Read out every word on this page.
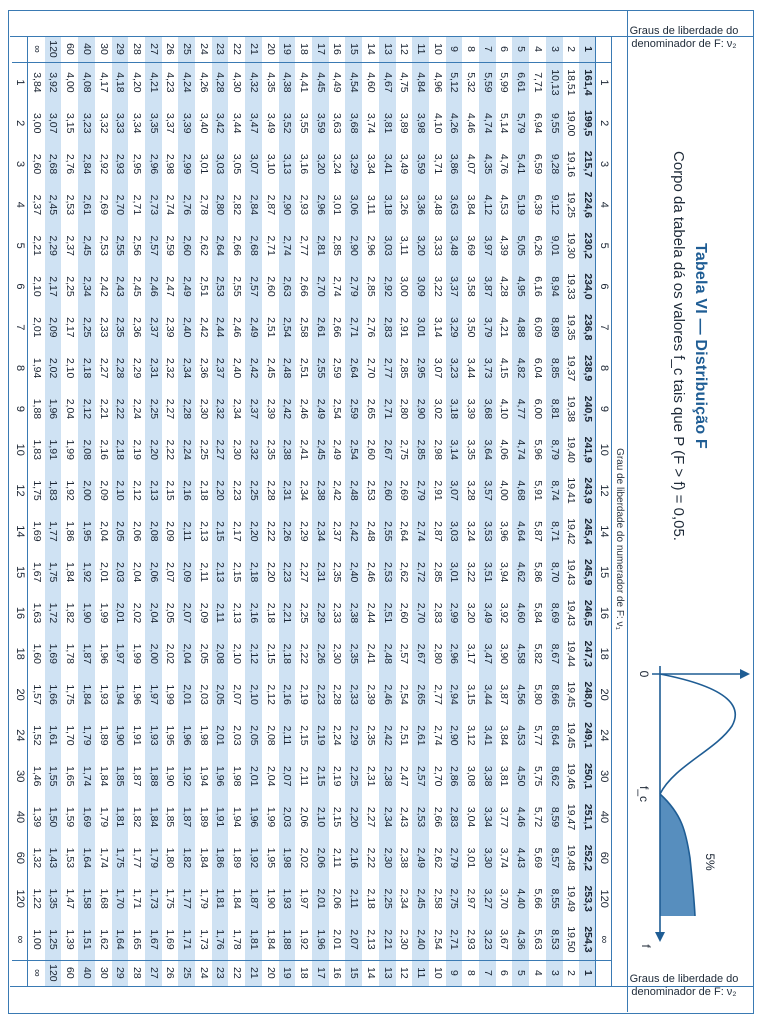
Graus de liberdade do
denominador de F: ν₂
Graus de liberdade do
denominador de F: ν₂
Tabela VI — Distribuição F
Corpo da tabela dá os valores f_c tais que P (F > f) = 0,05.
0
f_c
f
5%
Grau de liberdade do numerador de F: ν₁
1
2
3
4
5
6
7
8
9
10
12
14
15
16
18
20
24
30
40
60
120
∞
1
161,4
199,5
215,7
224,6
230,2
234,0
236,8
238,9
240,5
241,9
243,9
245,4
245,9
246,5
247,3
248,0
249,1
250,1
251,1
252,2
253,3
254,3
1
2
18,51
19,00
19,16
19,25
19,30
19,33
19,35
19,37
19,38
19,40
19,41
19,42
19,43
19,43
19,44
19,45
19,45
19,46
19,47
19,48
19,49
19,50
2
3
10,13
9,55
9,28
9,12
9,01
8,94
8,89
8,85
8,81
8,79
8,74
8,71
8,70
8,69
8,67
8,66
8,64
8,62
8,59
8,57
8,55
8,53
3
4
7,71
6,94
6,59
6,39
6,26
6,16
6,09
6,04
6,00
5,96
5,91
5,87
5,86
5,84
5,82
5,80
5,77
5,75
5,72
5,69
5,66
5,63
4
5
6,61
5,79
5,41
5,19
5,05
4,95
4,88
4,82
4,77
4,74
4,68
4,64
4,62
4,60
4,58
4,56
4,53
4,50
4,46
4,43
4,40
4,36
5
6
5,99
5,14
4,76
4,53
4,39
4,28
4,21
4,15
4,10
4,06
4,00
3,96
3,94
3,92
3,90
3,87
3,84
3,81
3,77
3,74
3,70
3,67
6
7
5,59
4,74
4,35
4,12
3,97
3,87
3,79
3,73
3,68
3,64
3,57
3,53
3,51
3,49
3,47
3,44
3,41
3,38
3,34
3,30
3,27
3,23
7
8
5,32
4,46
4,07
3,84
3,69
3,58
3,50
3,44
3,39
3,35
3,28
3,24
3,22
3,20
3,17
3,15
3,12
3,08
3,04
3,01
2,97
2,93
8
9
5,12
4,26
3,86
3,63
3,48
3,37
3,29
3,23
3,18
3,14
3,07
3,03
3,01
2,99
2,96
2,94
2,90
2,86
2,83
2,79
2,75
2,71
9
10
4,96
4,10
3,71
3,48
3,33
3,22
3,14
3,07
3,02
2,98
2,91
2,87
2,85
2,83
2,80
2,77
2,74
2,70
2,66
2,62
2,58
2,54
10
11
4,84
3,98
3,59
3,36
3,20
3,09
3,01
2,95
2,90
2,85
2,79
2,74
2,72
2,70
2,67
2,65
2,61
2,57
2,53
2,49
2,45
2,40
11
12
4,75
3,89
3,49
3,26
3,11
3,00
2,91
2,85
2,80
2,75
2,69
2,64
2,62
2,60
2,57
2,54
2,51
2,47
2,43
2,38
2,34
2,30
12
13
4,67
3,81
3,41
3,18
3,03
2,92
2,83
2,77
2,71
2,67
2,60
2,55
2,53
2,51
2,48
2,46
2,42
2,38
2,34
2,30
2,25
2,21
13
14
4,60
3,74
3,34
3,11
2,96
2,85
2,76
2,70
2,65
2,60
2,53
2,48
2,46
2,44
2,41
2,39
2,35
2,31
2,27
2,22
2,18
2,13
14
15
4,54
3,68
3,29
3,06
2,90
2,79
2,71
2,64
2,59
2,54
2,48
2,42
2,40
2,38
2,35
2,33
2,29
2,25
2,20
2,16
2,11
2,07
15
16
4,49
3,63
3,24
3,01
2,85
2,74
2,66
2,59
2,54
2,49
2,42
2,37
2,35
2,33
2,30
2,28
2,24
2,19
2,15
2,11
2,06
2,01
16
17
4,45
3,59
3,20
2,96
2,81
2,70
2,61
2,55
2,49
2,45
2,38
2,34
2,31
2,29
2,26
2,23
2,19
2,15
2,10
2,06
2,01
1,96
17
18
4,41
3,55
3,16
2,93
2,77
2,66
2,58
2,51
2,46
2,41
2,34
2,29
2,27
2,25
2,22
2,19
2,15
2,11
2,06
2,02
1,97
1,92
18
19
4,38
3,52
3,13
2,90
2,74
2,63
2,54
2,48
2,42
2,38
2,31
2,26
2,23
2,21
2,18
2,16
2,11
2,07
2,03
1,98
1,93
1,88
19
20
4,35
3,49
3,10
2,87
2,71
2,60
2,51
2,45
2,39
2,35
2,28
2,22
2,20
2,18
2,15
2,12
2,08
2,04
1,99
1,95
1,90
1,84
20
21
4,32
3,47
3,07
2,84
2,68
2,57
2,49
2,42
2,37
2,32
2,25
2,20
2,18
2,16
2,12
2,10
2,05
2,01
1,96
1,92
1,87
1,81
21
22
4,30
3,44
3,05
2,82
2,66
2,55
2,46
2,40
2,34
2,30
2,23
2,17
2,15
2,13
2,10
2,07
2,03
1,98
1,94
1,89
1,84
1,78
22
23
4,28
3,42
3,03
2,80
2,64
2,53
2,44
2,37
2,32
2,27
2,20
2,15
2,13
2,11
2,08
2,05
2,01
1,96
1,91
1,86
1,81
1,76
23
24
4,26
3,40
3,01
2,78
2,62
2,51
2,42
2,36
2,30
2,25
2,18
2,13
2,11
2,09
2,05
2,03
1,98
1,94
1,89
1,84
1,79
1,73
24
25
4,24
3,39
2,99
2,76
2,60
2,49
2,40
2,34
2,28
2,24
2,16
2,11
2,09
2,07
2,04
2,01
1,96
1,92
1,87
1,82
1,77
1,71
25
26
4,23
3,37
2,98
2,74
2,59
2,47
2,39
2,32
2,27
2,22
2,15
2,09
2,07
2,05
2,02
1,99
1,95
1,90
1,85
1,80
1,75
1,69
26
27
4,21
3,35
2,96
2,73
2,57
2,46
2,37
2,31
2,25
2,20
2,13
2,08
2,06
2,04
2,00
1,97
1,93
1,88
1,84
1,79
1,73
1,67
27
28
4,20
3,34
2,95
2,71
2,56
2,45
2,36
2,29
2,24
2,19
2,12
2,06
2,04
2,02
1,99
1,96
1,91
1,87
1,82
1,77
1,71
1,65
28
29
4,18
3,33
2,93
2,70
2,55
2,43
2,35
2,28
2,22
2,18
2,10
2,05
2,03
2,01
1,97
1,94
1,90
1,85
1,81
1,75
1,70
1,64
29
30
4,17
3,32
2,92
2,69
2,53
2,42
2,33
2,27
2,21
2,16
2,09
2,04
2,01
1,99
1,96
1,93
1,89
1,84
1,79
1,74
1,68
1,62
30
40
4,08
3,23
2,84
2,61
2,45
2,34
2,25
2,18
2,12
2,08
2,00
1,95
1,92
1,90
1,87
1,84
1,79
1,74
1,69
1,64
1,58
1,51
40
60
4,00
3,15
2,76
2,53
2,37
2,25
2,17
2,10
2,04
1,99
1,92
1,86
1,84
1,82
1,78
1,75
1,70
1,65
1,59
1,53
1,47
1,39
60
120
3,92
3,07
2,68
2,45
2,29
2,17
2,09
2,02
1,96
1,91
1,83
1,77
1,75
1,72
1,69
1,66
1,61
1,55
1,50
1,43
1,35
1,25
120
∞
3,84
3,00
2,60
2,37
2,21
2,10
2,01
1,94
1,88
1,83
1,75
1,69
1,67
1,63
1,60
1,57
1,52
1,46
1,39
1,32
1,22
1,00
∞
1
2
3
4
5
6
7
8
9
10
12
14
15
16
18
20
24
30
40
60
120
∞
